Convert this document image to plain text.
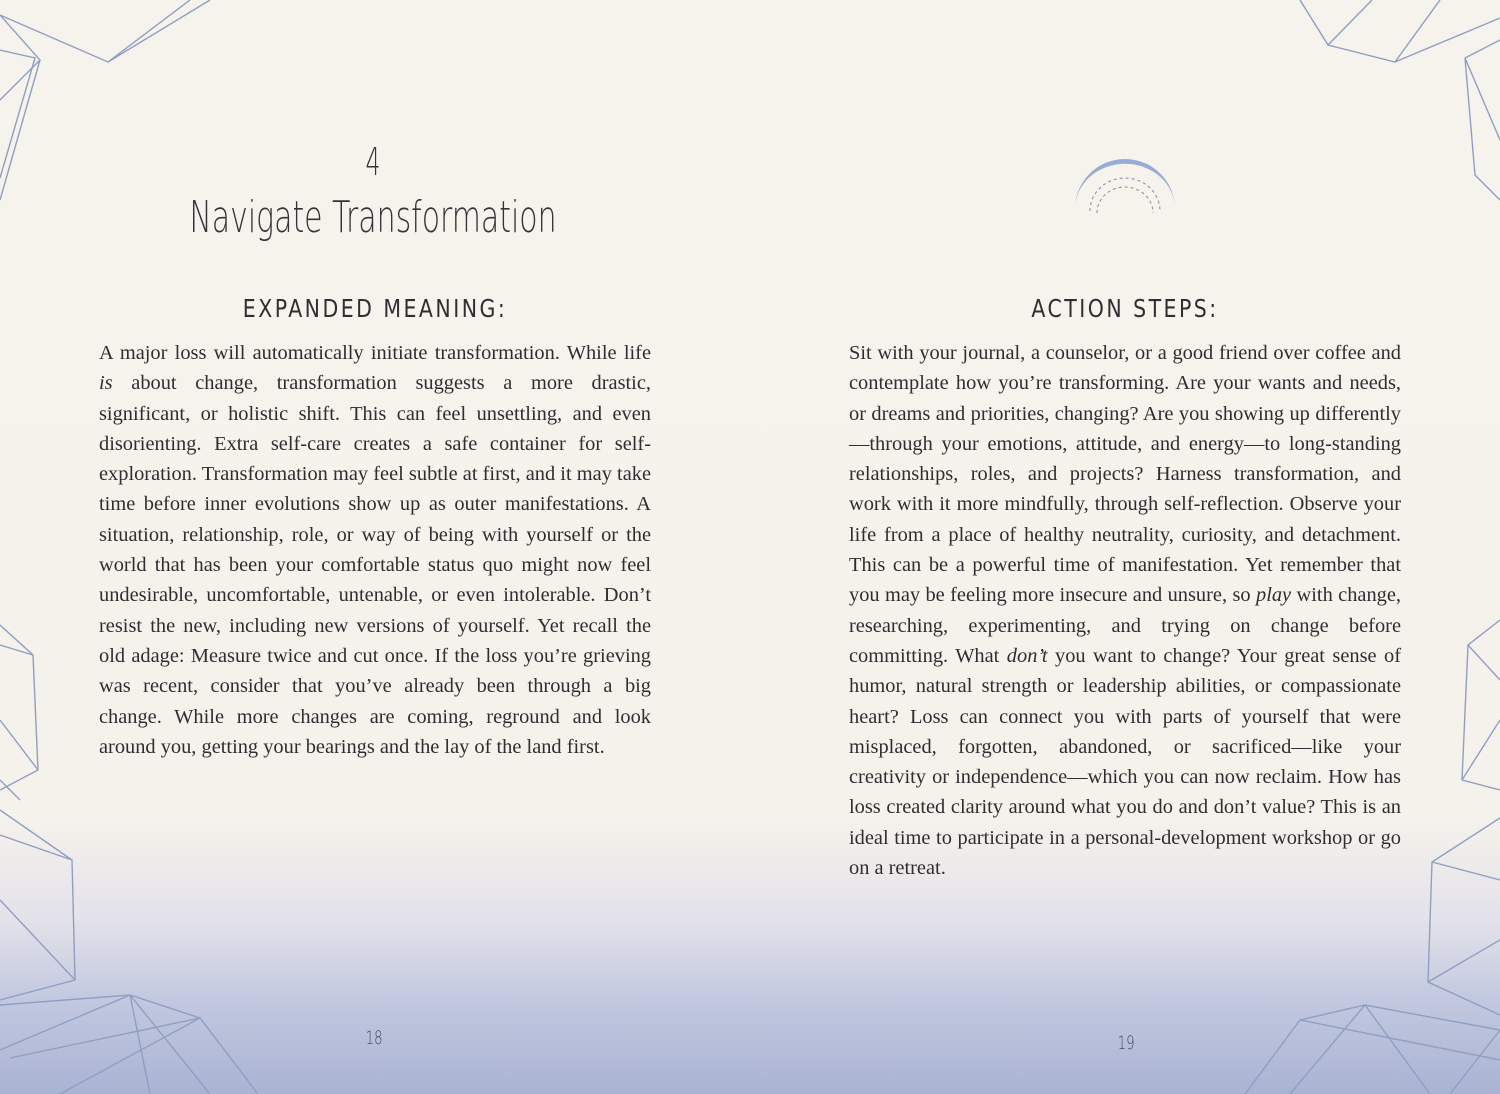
4
Navigate Transformation
EXPANDED MEANING:

A major loss will automatically initiate transformation. While life is about change, transformation suggests a more drastic, significant, or holistic shift. This can feel unsettling, and even disorienting. Extra self-care creates a safe container for self-exploration. Transformation may feel subtle at first, and it may take time before inner evolutions show up as outer manifestations. A situation, relationship, role, or way of being with yourself or the world that has been your comfortable status quo might now feel undesirable, uncomfortable, untenable, or even intolerable. Don’t resist the new, including new versions of yourself. Yet recall the old adage: Measure twice and cut once. If the loss you’re grieving was recent, consider that you’ve already been through a big change. While more changes are coming, reground and look around you, getting your bearings and the lay of the land first.

18
ACTION STEPS:

Sit with your journal, a counselor, or a good friend over coffee and contemplate how you’re transforming. Are your wants and needs, or dreams and priorities, changing? Are you showing up differently—through your emotions, attitude, and energy—to long-standing relationships, roles, and projects? Harness transformation, and work with it more mindfully, through self-reflection. Observe your life from a place of healthy neutrality, curiosity, and detachment. This can be a powerful time of manifestation. Yet remember that you may be feeling more insecure and unsure, so play with change, researching, experimenting, and trying on change before committing. What don’t you want to change? Your great sense of humor, natural strength or leadership abilities, or compassionate heart? Loss can connect you with parts of yourself that were misplaced, forgotten, abandoned, or sacrificed—like your creativity or independence—which you can now reclaim. How has loss created clarity around what you do and don’t value? This is an ideal time to participate in a personal-development workshop or go on a retreat.

19
